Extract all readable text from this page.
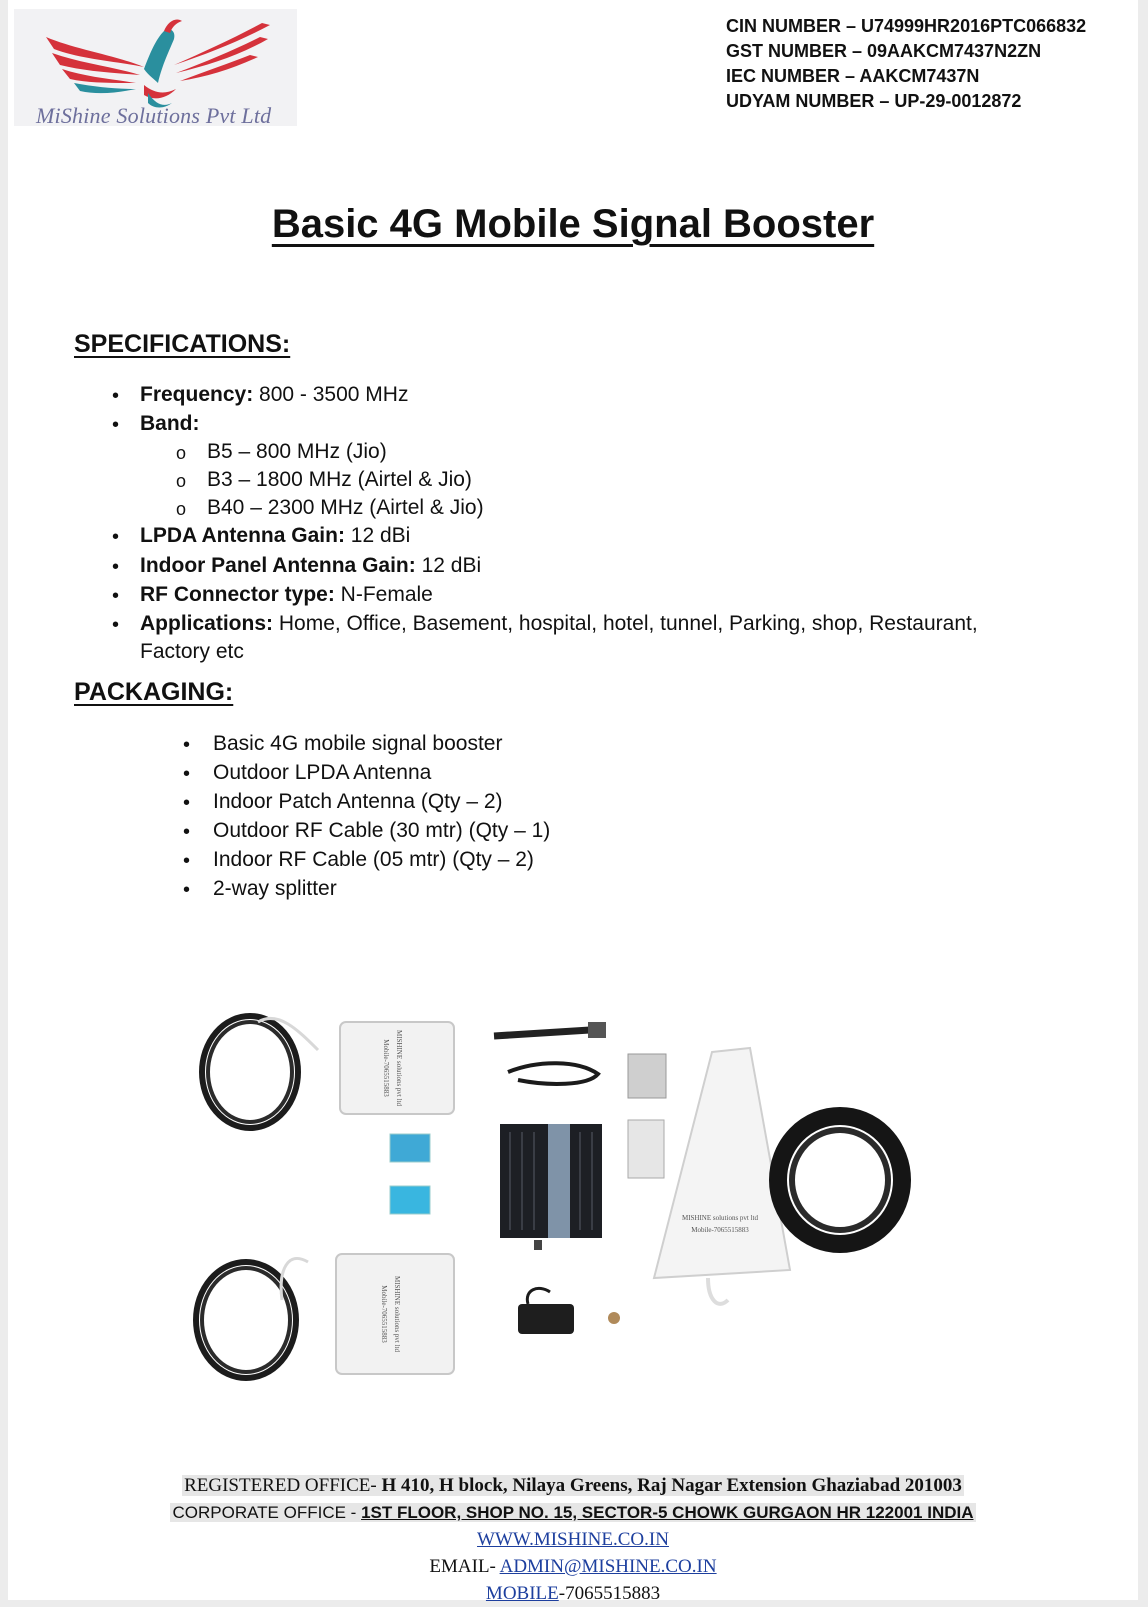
MiShine Solutions Pvt Ltd
CIN NUMBER – U74999HR2016PTC066832
GST NUMBER – 09AAKCM7437N2ZN
IEC NUMBER – AAKCM7437N
UDYAM NUMBER – UP-29-0012872
Basic 4G Mobile Signal Booster
SPECIFICATIONS:
• Frequency: 800 - 3500 MHz
• Band:
o B5 – 800 MHz (Jio)
o B3 – 1800 MHz (Airtel & Jio)
o B40 – 2300 MHz (Airtel & Jio)
• LPDA Antenna Gain: 12 dBi
• Indoor Panel Antenna Gain: 12 dBi
• RF Connector type: N-Female
• Applications: Home, Office, Basement, hospital, hotel, tunnel, Parking, shop, Restaurant,
Factory etc
PACKAGING:
• Basic 4G mobile signal booster
• Outdoor LPDA Antenna
• Indoor Patch Antenna (Qty – 2)
• Outdoor RF Cable (30 mtr) (Qty – 1)
• Indoor RF Cable (05 mtr) (Qty – 2)
• 2-way splitter
MISHINE solutions pvt ltd
Mobile-7065515883
MISHINE solutions pvt ltd
Mobile-7065515883
MISHINE solutions pvt ltd
Mobile-7065515883
REGISTERED OFFICE- H 410, H block, Nilaya Greens, Raj Nagar Extension Ghaziabad 201003
CORPORATE OFFICE - 1ST FLOOR, SHOP NO. 15, SECTOR-5 CHOWK GURGAON HR 122001 INDIA
WWW.MISHINE.CO.IN
EMAIL- ADMIN@MISHINE.CO.IN
MOBILE-7065515883
